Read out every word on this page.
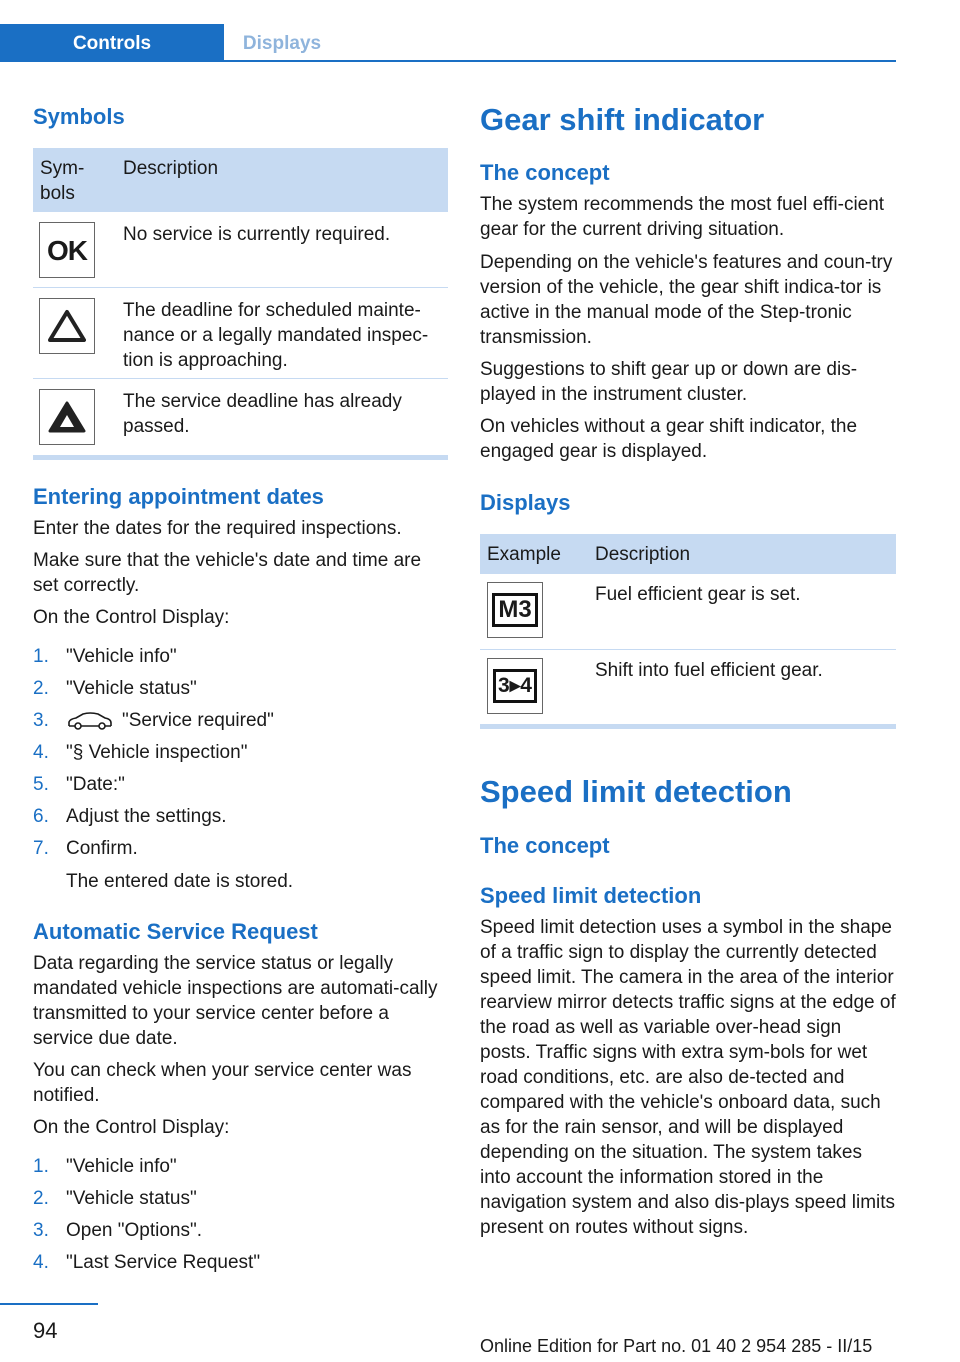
Controls	Displays
Symbols
Sym-
bols
Description
OK No service is currently required.
The deadline for scheduled mainte-
nance or a legally mandated inspec-
tion is approaching.
The service deadline has already
passed.
Entering appointment dates
Enter the dates for the required inspections.
Make sure that the vehicle's date and time are set correctly.
On the Control Display:
1. "Vehicle info"
2. "Vehicle status"
3.	"Service required"
4. "§ Vehicle inspection"
5. "Date:"
6. Adjust the settings.
7. Confirm.
The entered date is stored.
Automatic Service Request
Data regarding the service status or legally mandated vehicle inspections are automati-cally transmitted to your service center before a service due date.
You can check when your service center was notified.
On the Control Display:
1. "Vehicle info"
2. "Vehicle status"
3. Open "Options".
4. "Last Service Request"
Gear shift indicator
The concept
The system recommends the most fuel effi-cient gear for the current driving situation.
Depending on the vehicle's features and coun-try version of the vehicle, the gear shift indica-tor is active in the manual mode of the Step-tronic transmission.
Suggestions to shift gear up or down are dis-played in the instrument cluster.
On vehicles without a gear shift indicator, the engaged gear is displayed.
Displays
Example Description
M3
Fuel efficient gear is set.
3▸4
Shift into fuel efficient gear.
Speed limit detection
The concept
Speed limit detection
Speed limit detection uses a symbol in the shape of a traffic sign to display the currently detected speed limit. The camera in the area of the interior rearview mirror detects traffic signs at the edge of the road as well as variable over-head sign posts. Traffic signs with extra sym-bols for wet road conditions, etc. are also de-tected and compared with the vehicle's onboard data, such as for the rain sensor, and will be displayed depending on the situation. The system takes into account the information stored in the navigation system and also dis-plays speed limits present on routes without signs.
94
Online Edition for Part no. 01 40 2 954 285 - II/15
